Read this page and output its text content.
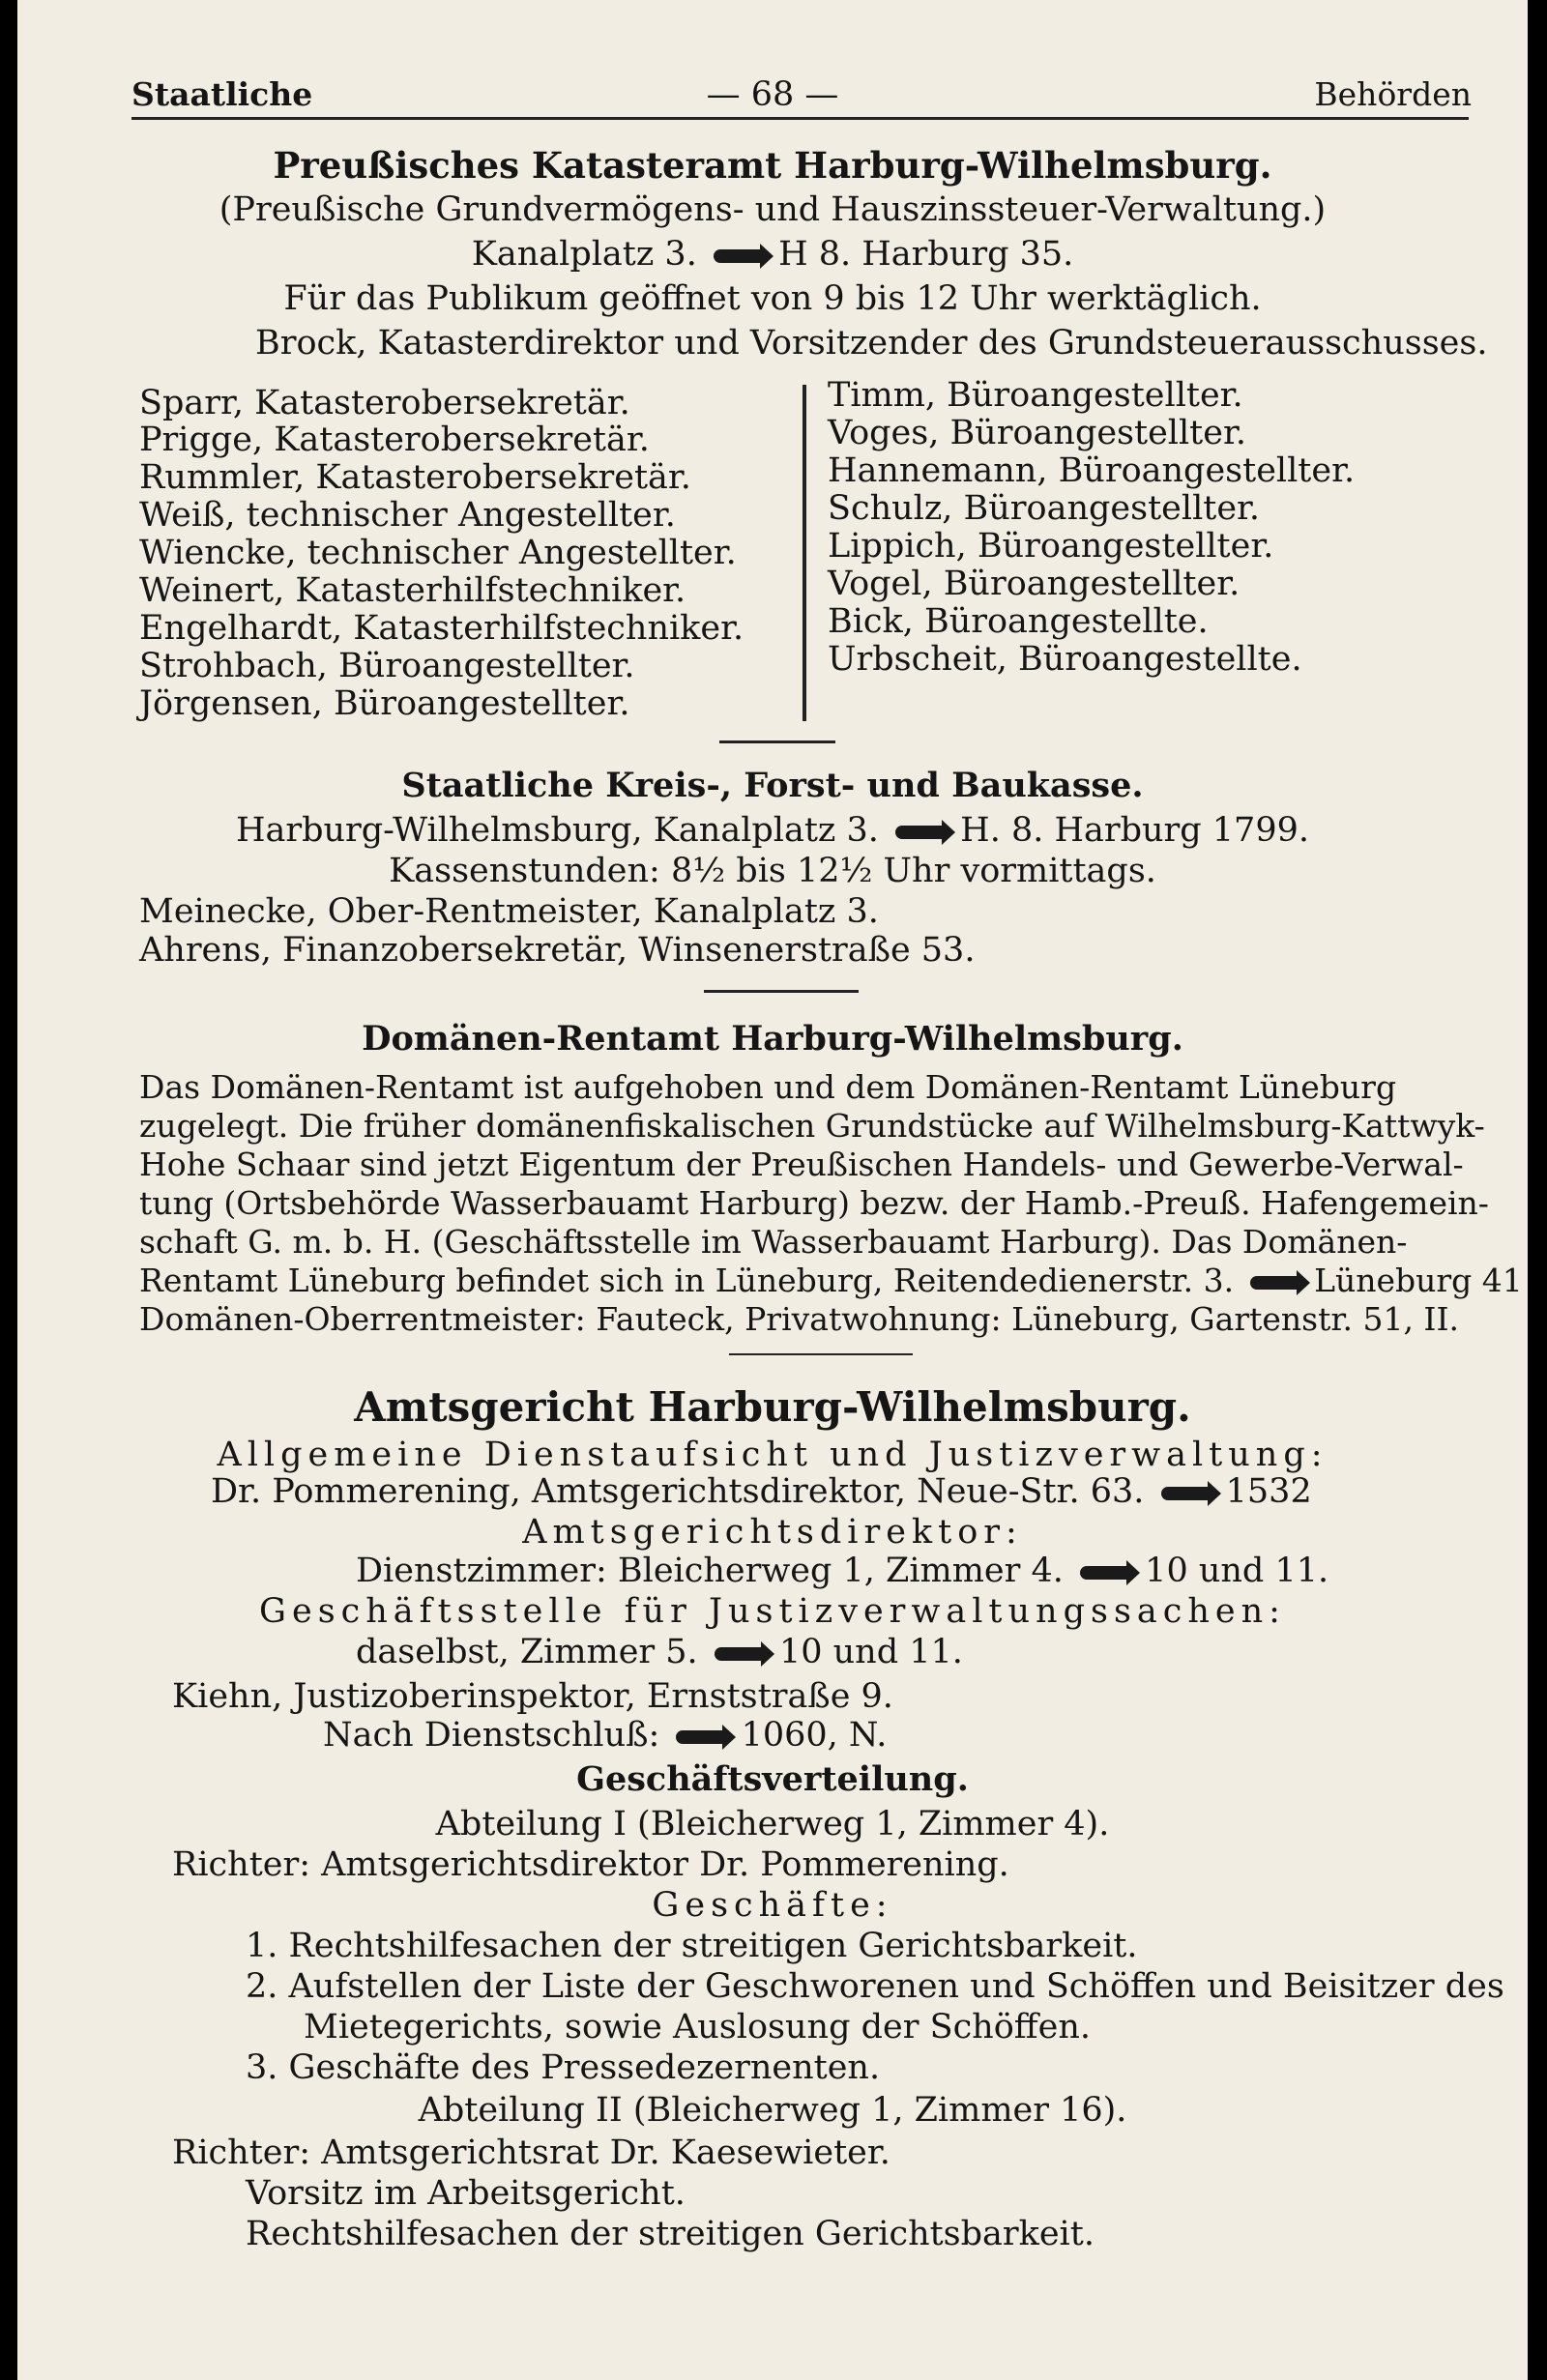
Staatliche	— 68 —	Behörden
Preußisches Katasteramt Harburg-Wilhelmsburg.
(Preußische Grundvermögens- und Hauszinssteuer-Verwaltung.)
Kanalplatz 3. H 8. Harburg 35.
Für das Publikum geöffnet von 9 bis 12 Uhr werktäglich.
Brock, Katasterdirektor und Vorsitzender des Grundsteuerausschusses.
Sparr, Katasterobersekretär.
Prigge, Katasterobersekretär.
Rummler, Katasterobersekretär.
Weiß, technischer Angestellter.
Wiencke, technischer Angestellter.
Weinert, Katasterhilfstechniker.
Engelhardt, Katasterhilfstechniker.
Strohbach, Büroangestellter.
Jörgensen, Büroangestellter.
Timm, Büroangestellter.
Voges, Büroangestellter.
Hannemann, Büroangestellter.
Schulz, Büroangestellter.
Lippich, Büroangestellter.
Vogel, Büroangestellter.
Bick, Büroangestellte.
Urbscheit, Büroangestellte.
Staatliche Kreis-, Forst- und Baukasse.
Harburg-Wilhelmsburg, Kanalplatz 3. H. 8. Harburg 1799.
Kassenstunden: 8½ bis 12½ Uhr vormittags.
Meinecke, Ober-Rentmeister, Kanalplatz 3.
Ahrens, Finanzobersekretär, Winsenerstraße 53.
Domänen-Rentamt Harburg-Wilhelmsburg.
Das Domänen-Rentamt ist aufgehoben und dem Domänen-Rentamt Lüneburg
zugelegt. Die früher domänenfiskalischen Grundstücke auf Wilhelmsburg-Kattwyk-
Hohe Schaar sind jetzt Eigentum der Preußischen Handels- und Gewerbe-Verwal-
tung (Ortsbehörde Wasserbauamt Harburg) bezw. der Hamb.-Preuß. Hafengemein-
schaft G. m. b. H. (Geschäftsstelle im Wasserbauamt Harburg). Das Domänen-
Rentamt Lüneburg befindet sich in Lüneburg, Reitendedienerstr. 3.	Lüneburg 41
Domänen-Oberrentmeister: Fauteck, Privatwohnung: Lüneburg, Gartenstr. 51, II.
Amtsgericht Harburg-Wilhelmsburg.
Allgemeine Dienstaufsicht und Justizverwaltung:
Dr. Pommerening, Amtsgerichtsdirektor, Neue-Str. 63. 1532
Amtsgerichtsdirektor:
Dienstzimmer: Bleicherweg 1, Zimmer 4. 10 und 11.
Geschäftsstelle für Justizverwaltungssachen:
daselbst, Zimmer 5. 10 und 11.
Kiehn, Justizoberinspektor, Ernststraße 9.
Nach Dienstschluß: 1060, N.
Geschäftsverteilung.
Abteilung I (Bleicherweg 1, Zimmer 4).
Richter: Amtsgerichtsdirektor Dr. Pommerening.
Geschäfte:
1. Rechtshilfesachen der streitigen Gerichtsbarkeit.
2. Aufstellen der Liste der Geschworenen und Schöffen und Beisitzer des
Mietegerichts, sowie Auslosung der Schöffen.
3. Geschäfte des Pressedezernenten.
Abteilung II (Bleicherweg 1, Zimmer 16).
Richter: Amtsgerichtsrat Dr. Kaesewieter.
Vorsitz im Arbeitsgericht.
Rechtshilfesachen der streitigen Gerichtsbarkeit.
